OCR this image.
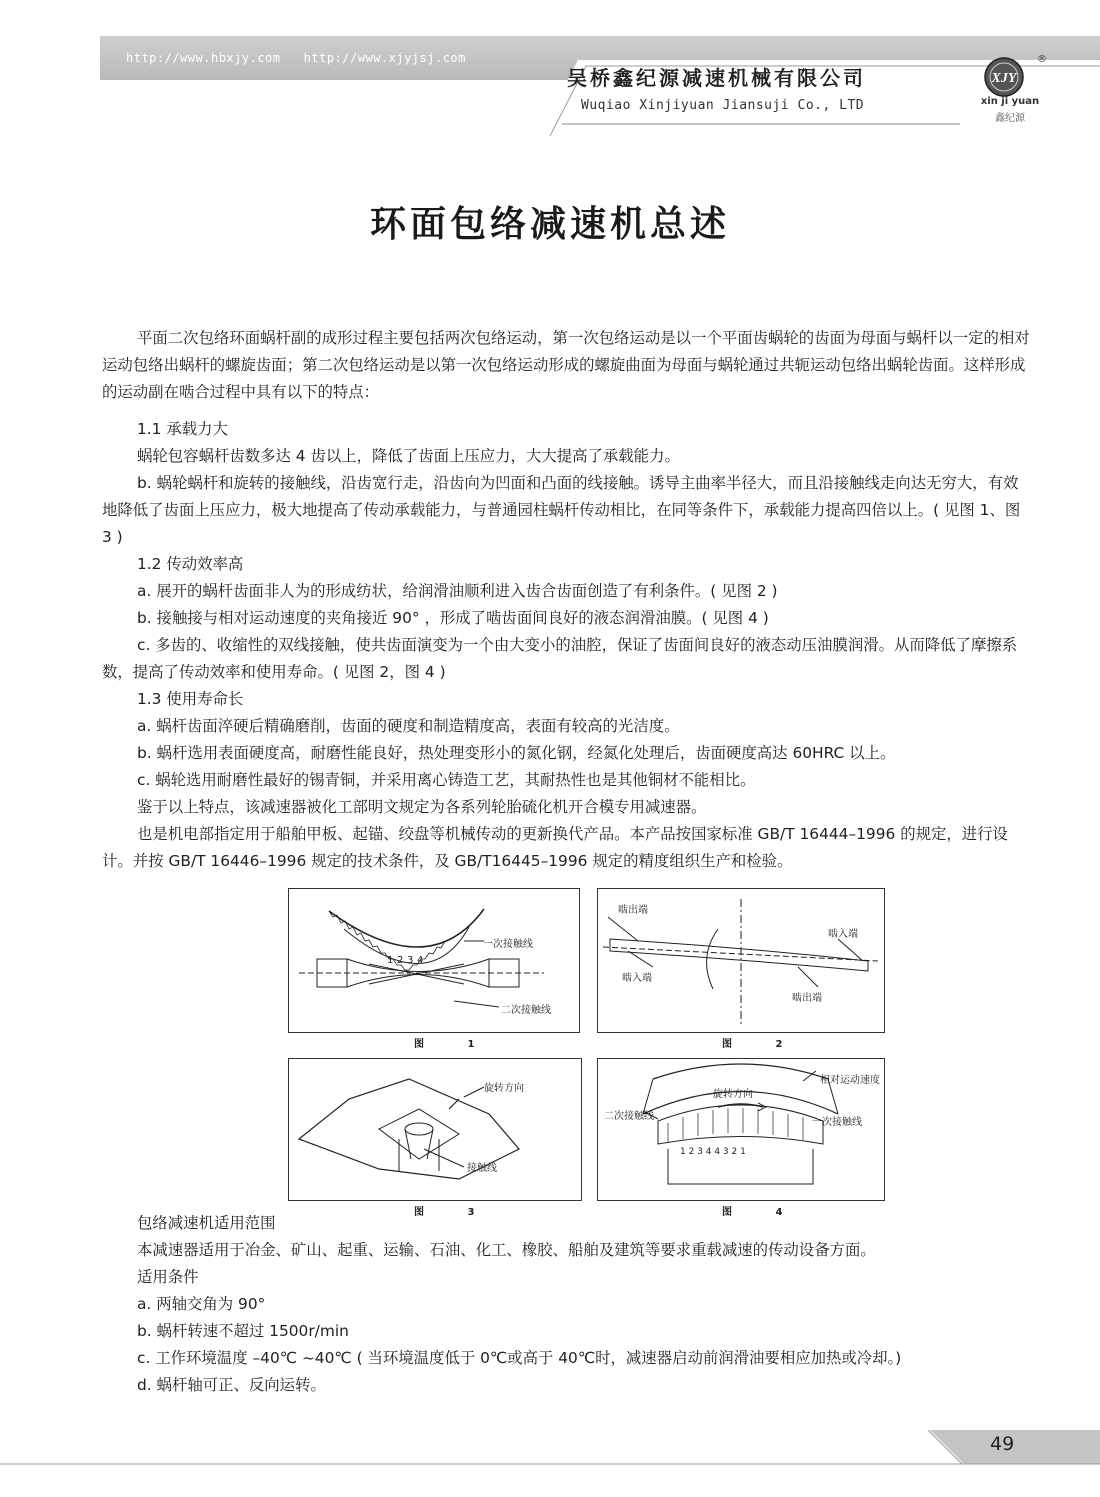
http://www.hbxjy.com   http://www.xjyjsj.com
吴桥鑫纪源减速机械有限公司
Wuqiao Xinjiyuan Jiansuji Co., LTD
XJY
®
xin ji yuan
鑫纪源
环面包络减速机总述

平面二次包络环面蜗杆副的成形过程主要包括两次包络运动，第一次包络运动是以一个平面齿蜗轮的齿面为母面与蜗杆以一定的相对运动包络出蜗杆的螺旋齿面；第二次包络运动是以第一次包络运动形成的螺旋曲面为母面与蜗轮通过共轭运动包络出蜗轮齿面。这样形成的运动副在啮合过程中具有以下的特点：

1.1 承载力大

蜗轮包容蜗杆齿数多达 4 齿以上，降低了齿面上压应力，大大提高了承载能力。

b. 蜗轮蜗杆和旋转的接触线，沿齿宽行走，沿齿向为凹面和凸面的线接触。诱导主曲率半径大，而且沿接触线走向达无穷大，有效地降低了齿面上压应力，极大地提高了传动承载能力，与普通园柱蜗杆传动相比，在同等条件下，承载能力提高四倍以上。( 见图 1、图 3 )

1.2 传动效率高

a. 展开的蜗杆齿面非人为的形成纺状，给润滑油顺利进入齿合齿面创造了有利条件。( 见图 2 )

b. 接触接与相对运动速度的夹角接近 90° ，形成了啮齿面间良好的液态润滑油膜。( 见图 4 )

c. 多齿的、收缩性的双线接触，使共齿面演变为一个由大变小的油腔，保证了齿面间良好的液态动压油膜润滑。从而降低了摩擦系数，提高了传动效率和使用寿命。( 见图 2，图 4 )

1.3 使用寿命长

a. 蜗杆齿面淬硬后精确磨削，齿面的硬度和制造精度高，表面有较高的光洁度。

b. 蜗杆选用表面硬度高，耐磨性能良好，热处理变形小的氮化钢，经氮化处理后，齿面硬度高达 60HRC 以上。

c. 蜗轮选用耐磨性最好的锡青铜，并采用离心铸造工艺，其耐热性也是其他铜材不能相比。

鉴于以上特点，该减速器被化工部明文规定为各系列轮胎硫化机开合模专用减速器。

也是机电部指定用于船舶甲板、起锚、绞盘等机械传动的更新换代产品。本产品按国家标准 GB/T 16444–1996 的规定，进行设计。并按 GB/T 16446–1996 规定的技术条件，及 GB/T16445–1996 规定的精度组织生产和检验。

1 2 3 4
一次接触线
二次接触线
图 1
啮出端
啮入端
啮入端
啮出端
图 2
旋转方向
接触线
图 3
旋转方向
相对运动速度
二次接触线
一次接触线
1 2 3 4 4 3 2 1
图 4

包络减速机适用范围

本减速器适用于冶金、矿山、起重、运输、石油、化工、橡胶、船舶及建筑等要求重载减速的传动设备方面。

适用条件

a. 两轴交角为 90°

b. 蜗杆转速不超过 1500r/min

c. 工作环境温度 –40℃ ~40℃ ( 当环境温度低于 0℃或高于 40℃时，减速器启动前润滑油要相应加热或冷却。)

d. 蜗杆轴可正、反向运转。

49
